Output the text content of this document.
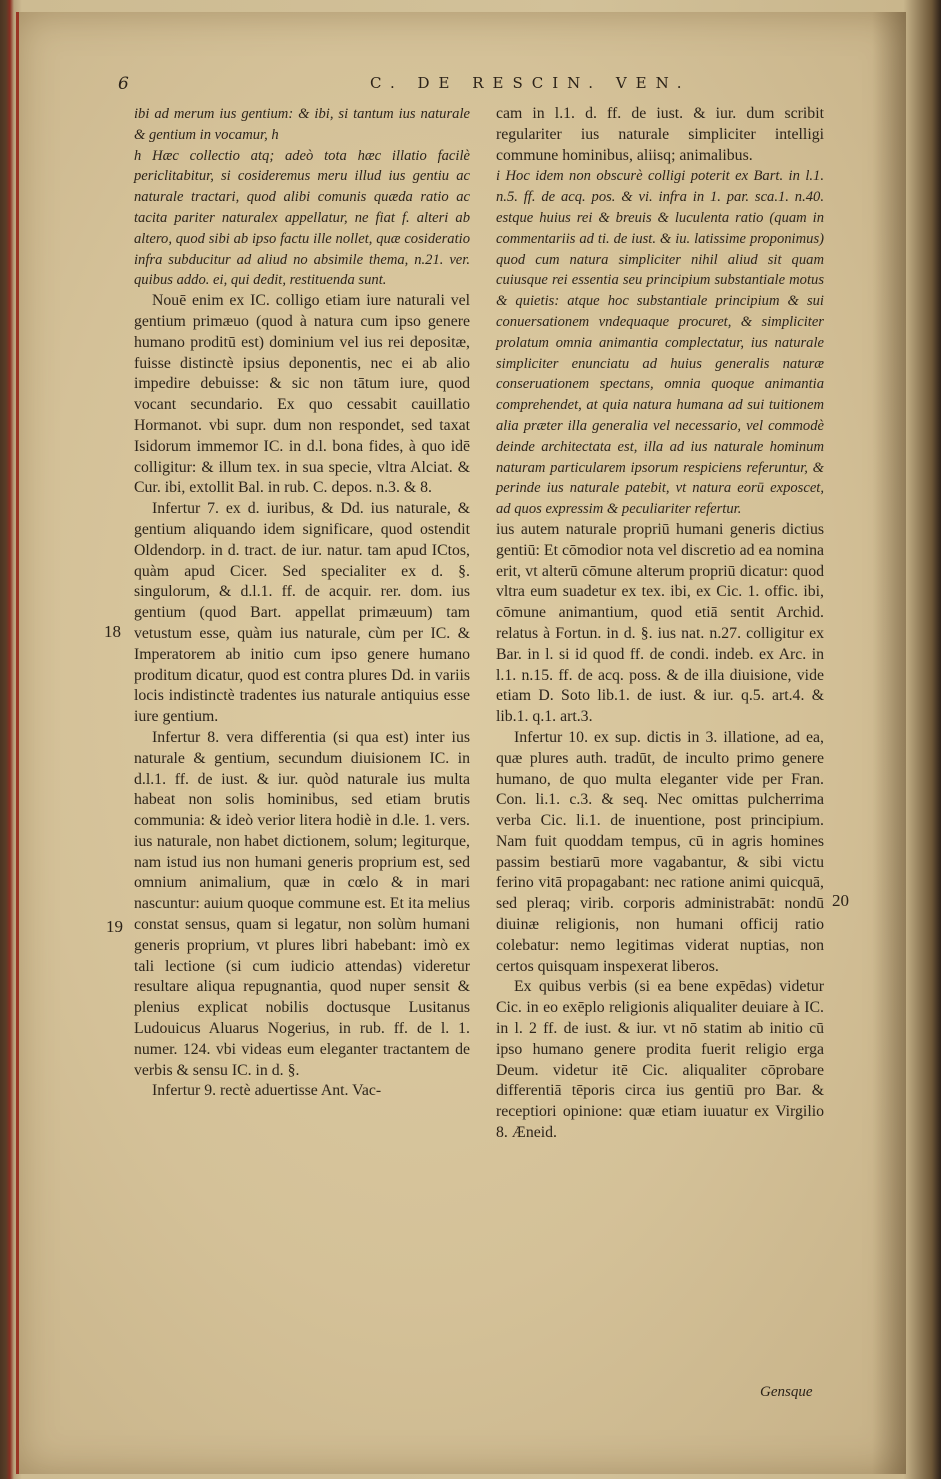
6	C. DE RESCIN. VEN.

ibi ad merum ius gentium: & ibi, si tantum ius naturale & gentium in vocamur, h

h Hæc collectio atq; adeò tota hæc illatio facilè periclitabitur, si cosideremus meru illud ius gentiu ac naturale tractari, quod alibi comunis quæda ratio ac tacita pariter naturalex appellatur, ne fiat f. alteri ab altero, quod sibi ab ipso factu ille nollet, quæ cosideratio infra subducitur ad aliud no absimile thema, n.21. ver. quibus addo. ei, qui dedit, restituenda sunt.

Nouē enim ex IC. colligo etiam iure naturali vel gentium primæuo (quod à natura cum ipso genere humano proditū est) dominium vel ius rei depositæ, fuisse distinctè ipsius deponentis, nec ei ab alio impedire debuisse: & sic non tātum iure, quod vocant secundario. Ex quo cessabit cauillatio Hormanot. vbi supr. dum non respondet, sed taxat Isidorum immemor IC. in d.l. bona fides, à quo idē colligitur: & illum tex. in sua specie, vltra Alciat. & Cur. ibi, extollit Bal. in rub. C. depos. n.3. & 8.

Infertur 7. ex d. iuribus, & Dd. ius naturale, & gentium aliquando idem significare, quod ostendit Oldendorp. in d. tract. de iur. natur. tam apud ICtos, quàm apud Cicer. Sed specialiter ex d. §. singulorum, & d.l.1. ff. de acquir. rer. dom. ius gentium (quod Bart. appellat primæuum) tam vetustum esse, quàm ius naturale, cùm per IC. & Imperatorem ab initio cum ipso genere humano proditum dicatur, quod est contra plures Dd. in variis locis indistinctè tradentes ius naturale antiquius esse iure gentium.

Infertur 8. vera differentia (si qua est) inter ius naturale & gentium, secundum diuisionem IC. in d.l.1. ff. de iust. & iur. quòd naturale ius multa habeat non solis hominibus, sed etiam brutis communia: & ideò verior litera hodiè in d.le. 1. vers. ius naturale, non habet dictionem, solum; legiturque, nam istud ius non humani generis proprium est, sed omnium animalium, quæ in cœlo & in mari nascuntur: auium quoque commune est. Et ita melius constat sensus, quam si legatur, non solùm humani generis proprium, vt plures libri habebant: imò ex tali lectione (si cum iudicio attendas) videretur resultare aliqua repugnantia, quod nuper sensit & plenius explicat nobilis doctusque Lusitanus Ludouicus Aluarus Nogerius, in rub. ff. de l. 1. numer. 124. vbi videas eum eleganter tractantem de verbis & sensu IC. in d. §.

Infertur 9. rectè aduertisse Ant. Vac-

cam in l.1. d. ff. de iust. & iur. dum scribit regulariter ius naturale simpliciter intelligi commune hominibus, aliisq; animalibus.

i Hoc idem non obscurè colligi poterit ex Bart. in l.1. n.5. ff. de acq. pos. & vi. infra in 1. par. sca.1. n.40. estque huius rei & breuis & luculenta ratio (quam in commentariis ad ti. de iust. & iu. latissime proponimus) quod cum natura simpliciter nihil aliud sit quam cuiusque rei essentia seu principium substantiale motus & quietis: atque hoc substantiale principium & sui conuersationem vndequaque procuret, & simpliciter prolatum omnia animantia complectatur, ius naturale simpliciter enunciatu ad huius generalis naturæ conseruationem spectans, omnia quoque animantia comprehendet, at quia natura humana ad sui tuitionem alia præter illa generalia vel necessario, vel commodè deinde architectata est, illa ad ius naturale hominum naturam particularem ipsorum respiciens referuntur, & perinde ius naturale patebit, vt natura eorū exposcet, ad quos expressim & peculiariter refertur.

ius autem naturale propriū humani generis dictius gentiū: Et cōmodior nota vel discretio ad ea nomina erit, vt alterū cōmune alterum propriū dicatur: quod vltra eum suadetur ex tex. ibi, ex Cic. 1. offic. ibi, cōmune animantium, quod etiā sentit Archid. relatus à Fortun. in d. §. ius nat. n.27. colligitur ex Bar. in l. si id quod ff. de condi. indeb. ex Arc. in l.1. n.15. ff. de acq. poss. & de illa diuisione, vide etiam D. Soto lib.1. de iust. & iur. q.5. art.4. & lib.1. q.1. art.3.

Infertur 10. ex sup. dictis in 3. illatione, ad ea, quæ plures auth. tradūt, de inculto primo genere humano, de quo multa eleganter vide per Fran. Con. li.1. c.3. & seq. Nec omittas pulcherrima verba Cic. li.1. de inuentione, post principium. Nam fuit quoddam tempus, cū in agris homines passim bestiarū more vagabantur, & sibi victu ferino vitā propagabant: nec ratione animi quicquā, sed pleraq; virib. corporis administrabāt: nondū diuinæ religionis, non humani officij ratio colebatur: nemo legitimas viderat nuptias, non certos quisquam inspexerat liberos.

Ex quibus verbis (si ea bene expēdas) videtur Cic. in eo exēplo religionis aliqualiter deuiare à IC. in l. 2 ff. de iust. & iur. vt nō statim ab initio cū ipso humano genere prodita fuerit religio erga Deum. videtur itē Cic. aliqualiter cōprobare differentiā tēporis circa ius gentiū pro Bar. & receptiori opinione: quæ etiam iuuatur ex Virgilio 8. Æneid.

18
19
20
Gensque
